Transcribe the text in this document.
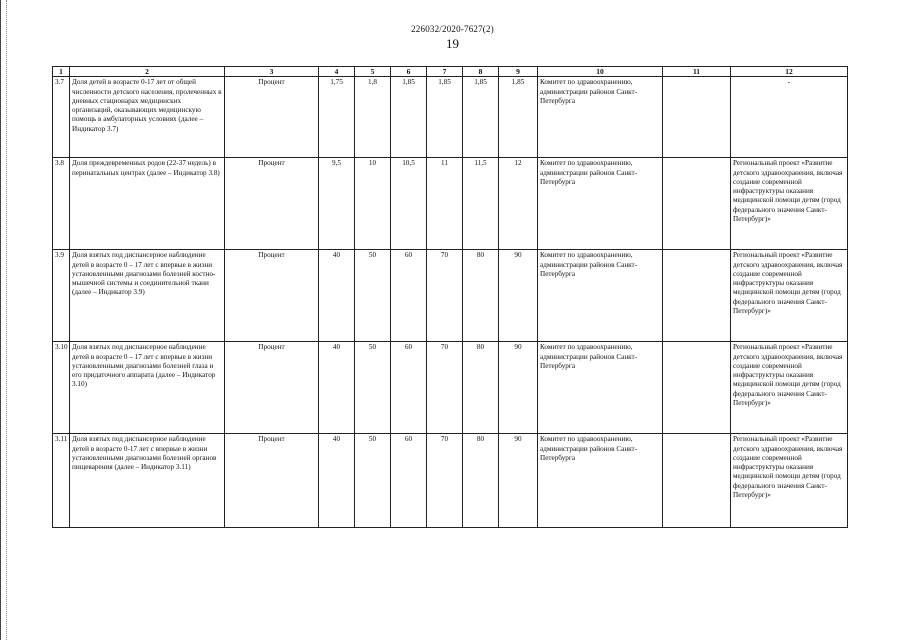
226032/2020-7627(2)
19
1	2	3	4	5	6	7	8	9	10	11	12
3.7	Доля детей в возрасте 0-17 лет от общей численности детского населения, пролеченных в дневных стационарах медицинских организаций, оказывающих медицинскую помощь в амбулаторных условиях (далее – Индикатор 3.7)	Процент	1,75	1,8	1,85	1,85	1,85	1,85	Комитет по здравоохранению, администрации районов Санкт-Петербурга		-
3.8	Доля преждевременных родов (22-37 недель) в перинатальных центрах (далее – Индикатор 3.8)	Процент	9,5	10	10,5	11	11,5	12	Комитет по здравоохранению, администрации районов Санкт-Петербурга		Региональный проект «Развитие детского здравоохранения, включая создание современной инфраструктуры оказания медицинской помощи детям (город федерального значения Санкт-Петербург)»
3.9	Доля взятых под диспансерное наблюдение детей в возрасте 0 – 17 лет с впервые в жизни установленными диагнозами болезней костно-мышечной системы и соединительной ткани (далее – Индикатор 3.9)	Процент	40	50	60	70	80	90	Комитет по здравоохранению, администрации районов Санкт-Петербурга		Региональный проект «Развитие детского здравоохранения, включая создание современной инфраструктуры оказания медицинской помощи детям (город федерального значения Санкт-Петербург)»
3.10	Доля взятых под диспансерное наблюдение детей в возрасте 0 – 17 лет с впервые в жизни установленными диагнозами болезней глаза и его придаточного аппарата (далее – Индикатор 3.10)	Процент	40	50	60	70	80	90	Комитет по здравоохранению, администрации районов Санкт-Петербурга		Региональный проект «Развитие детского здравоохранения, включая создание современной инфраструктуры оказания медицинской помощи детям (город федерального значения Санкт-Петербург)»
3.11	Доля взятых под диспансерное наблюдение детей в возрасте 0-17 лет с впервые в жизни установленными диагнозами болезней органов пищеварения (далее – Индикатор 3.11)	Процент	40	50	60	70	80	90	Комитет по здравоохранению, администрации районов Санкт-Петербурга		Региональный проект «Развитие детского здравоохранения, включая создание современной инфраструктуры оказания медицинской помощи детям (город федерального значения Санкт-Петербург)»
